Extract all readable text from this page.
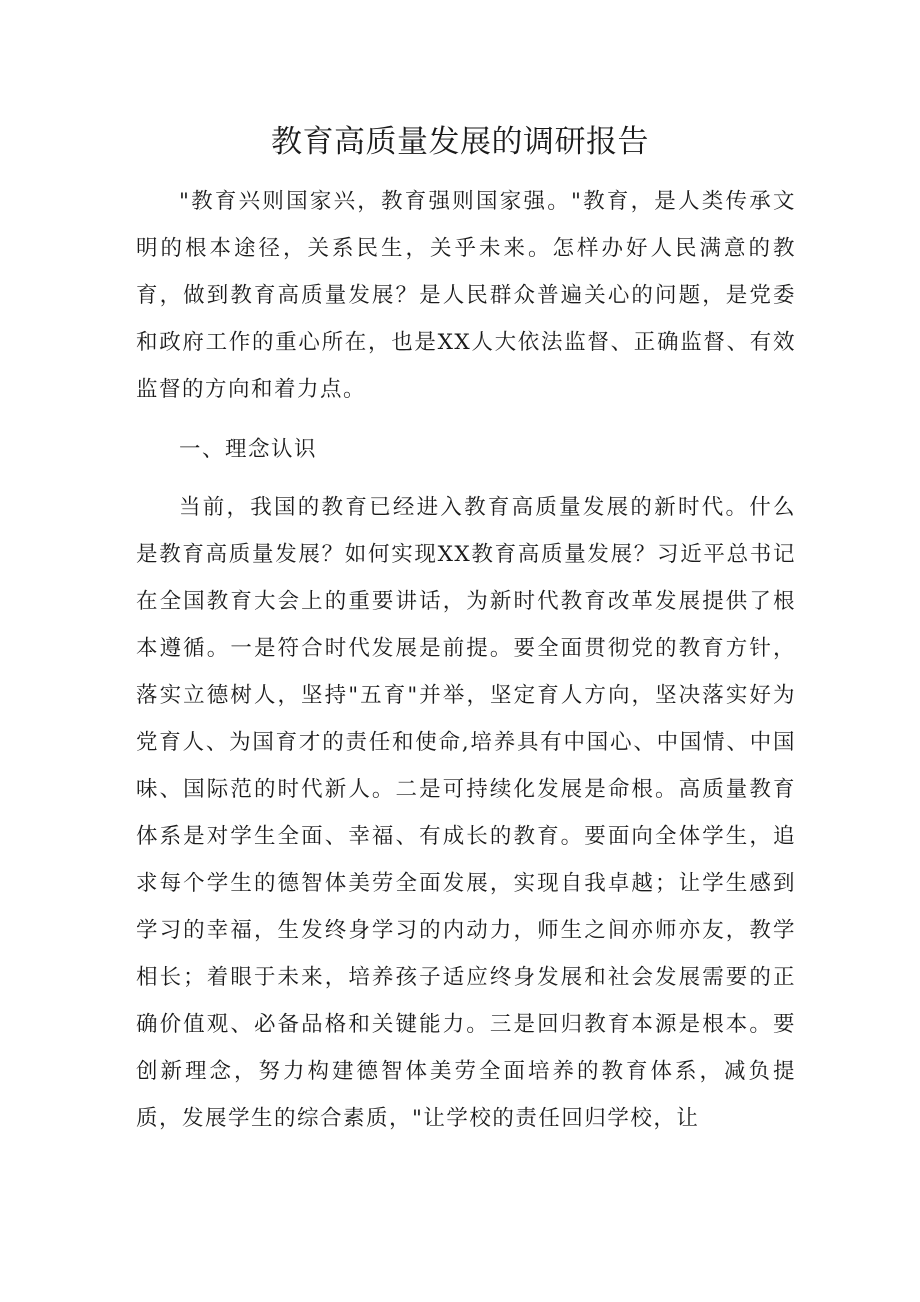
教育高质量发展的调研报告

"教育兴则国家兴，教育强则国家强。"教育，是人类传承文明的根本途径，关系民生，关乎未来。怎样办好人民满意的教育，做到教育高质量发展？是人民群众普遍关心的问题，是党委和政府工作的重心所在，也是XX人大依法监督、正确监督、有效监督的方向和着力点。

一、理念认识

当前，我国的教育已经进入教育高质量发展的新时代。什么是教育高质量发展？如何实现XX教育高质量发展？习近平总书记在全国教育大会上的重要讲话，为新时代教育改革发展提供了根本遵循。一是符合时代发展是前提。要全面贯彻党的教育方针，落实立德树人，坚持"五育"并举，坚定育人方向，坚决落实好为党育人、为国育才的责任和使命,培养具有中国心、中国情、中国味、国际范的时代新人。二是可持续化发展是命根。高质量教育体系是对学生全面、幸福、有成长的教育。要面向全体学生，追求每个学生的德智体美劳全面发展，实现自我卓越；让学生感到学习的幸福，生发终身学习的内动力，师生之间亦师亦友，教学相长；着眼于未来，培养孩子适应终身发展和社会发展需要的正确价值观、必备品格和关键能力。三是回归教育本源是根本。要创新理念，努力构建德智体美劳全面培养的教育体系，减负提质，发展学生的综合素质，"让学校的责任回归学校，让
